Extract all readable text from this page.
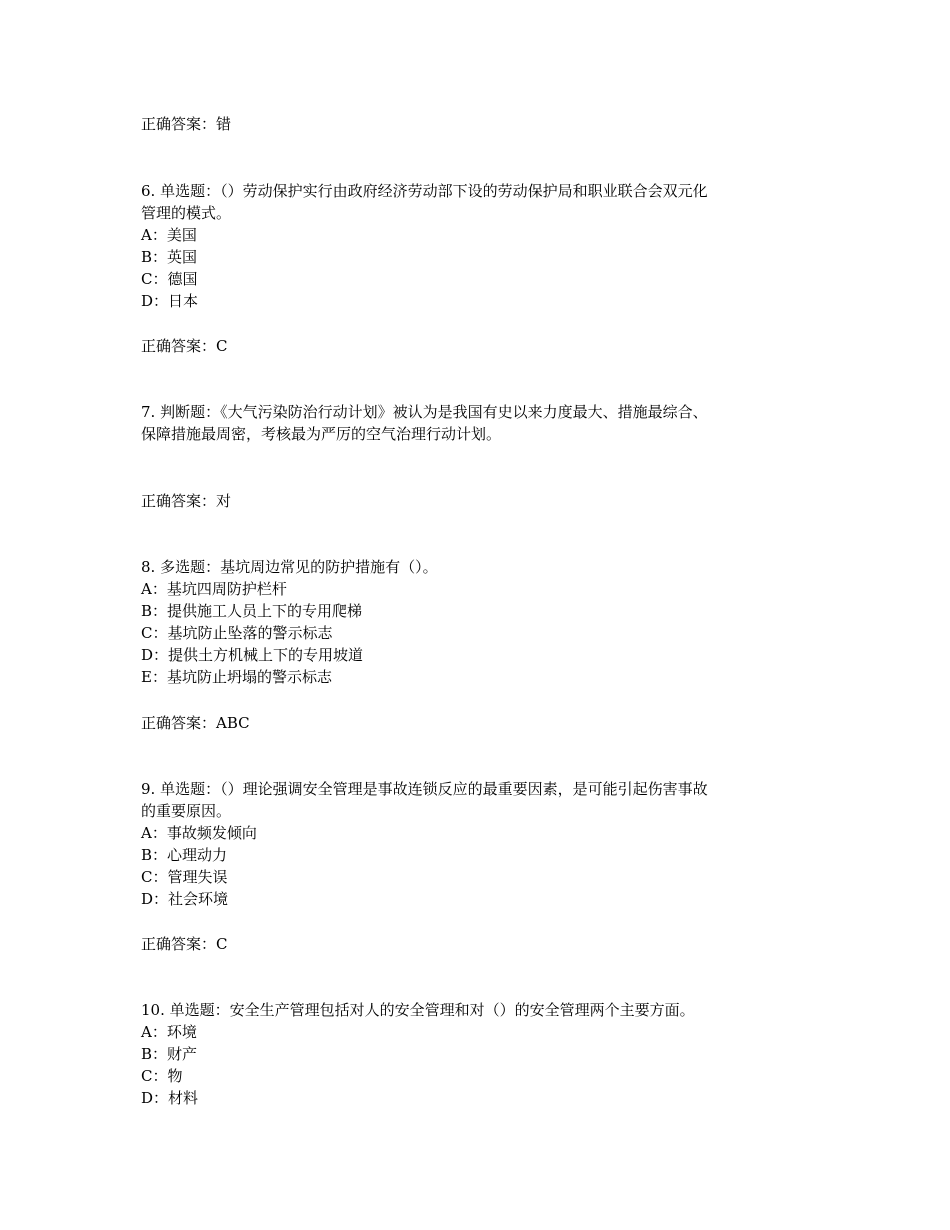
正确答案：错
6. 单选题：（）劳动保护实行由政府经济劳动部下设的劳动保护局和职业联合会双元化
管理的模式。
A：美国
B：英国
C：德国
D：日本
正确答案：C
7. 判断题：《大气污染防治行动计划》被认为是我国有史以来力度最大、措施最综合、
保障措施最周密，考核最为严厉的空气治理行动计划。
正确答案：对
8. 多选题：基坑周边常见的防护措施有（）。
A：基坑四周防护栏杆
B：提供施工人员上下的专用爬梯
C：基坑防止坠落的警示标志
D：提供土方机械上下的专用坡道
E：基坑防止坍塌的警示标志
正确答案：ABC
9. 单选题：（）理论强调安全管理是事故连锁反应的最重要因素，是可能引起伤害事故
的重要原因。
A：事故频发倾向
B：心理动力
C：管理失误
D：社会环境
正确答案：C
10. 单选题：安全生产管理包括对人的安全管理和对（）的安全管理两个主要方面。
A：环境
B：财产
C：物
D：材料
